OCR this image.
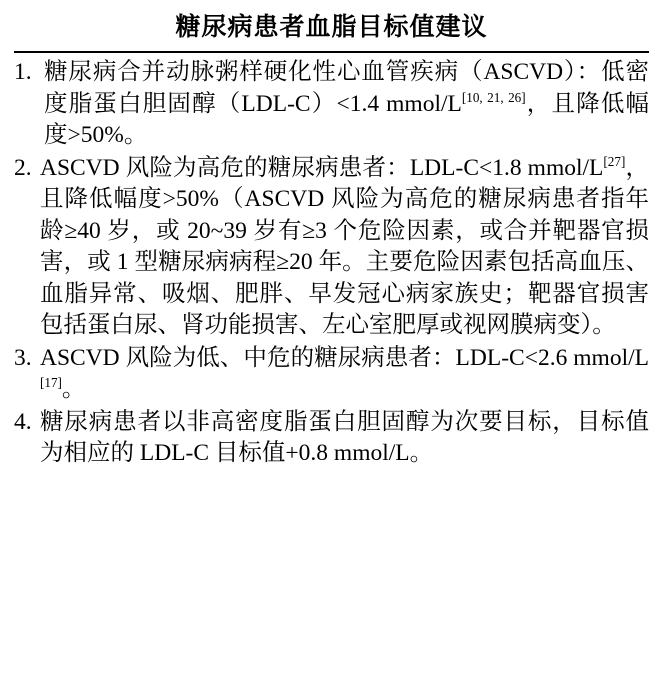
糖尿病患者血脂目标值建议
1. 糖尿病合并动脉粥样硬化性心血管疾病（ASCVD）：低密度脂蛋白胆固醇（LDL-C）<1.4 mmol/L[10, 21, 26]，且降低幅度>50%。
2. ASCVD 风险为高危的糖尿病患者：LDL-C<1.8 mmol/L[27]，且降低幅度>50%（ASCVD 风险为高危的糖尿病患者指年龄≥40 岁，或 20~39 岁有≥3 个危险因素，或合并靶器官损害，或 1 型糖尿病病程≥20 年。主要危险因素包括高血压、血脂异常、吸烟、肥胖、早发冠心病家族史；靶器官损害包括蛋白尿、肾功能损害、左心室肥厚或视网膜病变）。
3. ASCVD 风险为低、中危的糖尿病患者：LDL-C<2.6 mmol/L[17]。
4. 糖尿病患者以非高密度脂蛋白胆固醇为次要目标，目标值为相应的 LDL-C 目标值+0.8 mmol/L。
